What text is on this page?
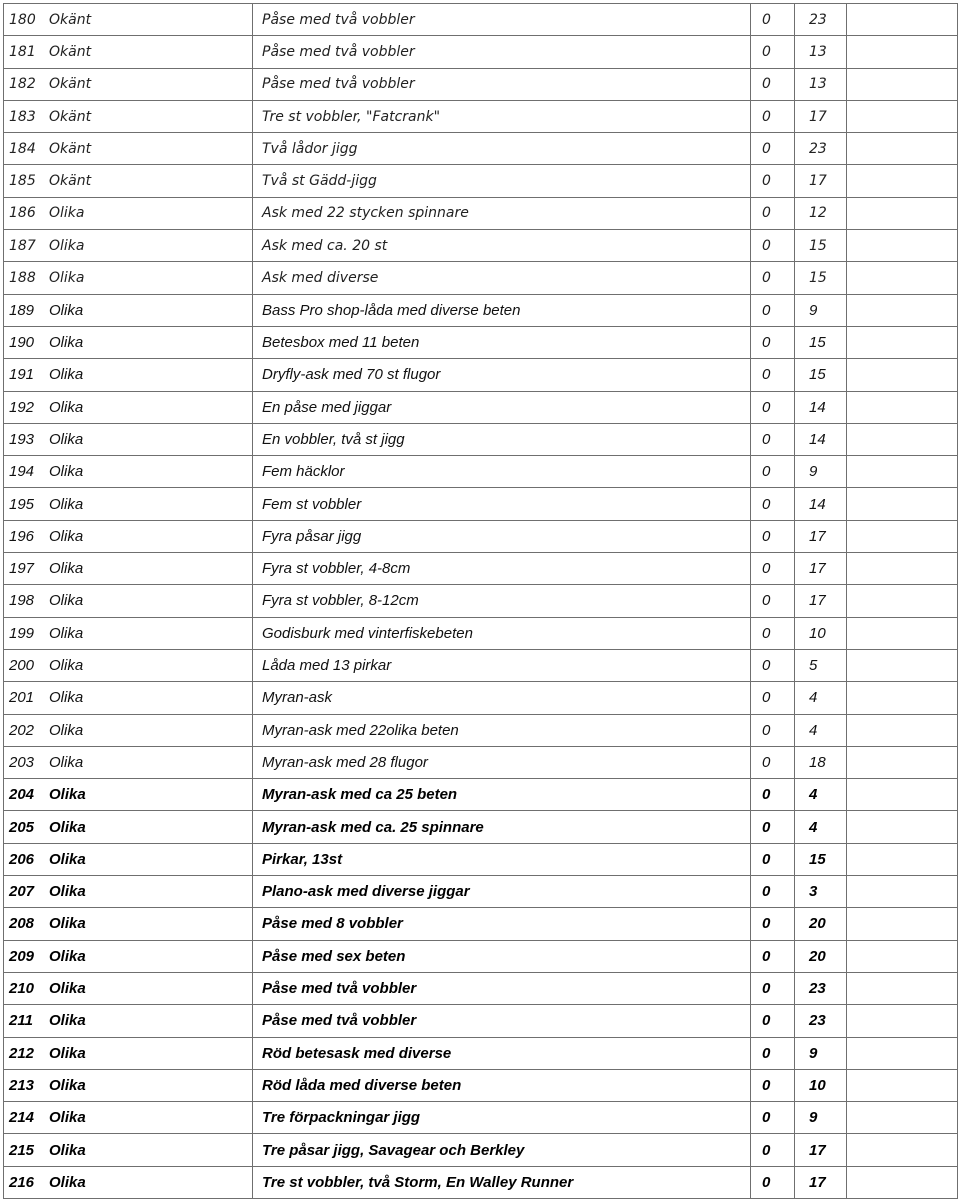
180 Okänt	Påse med två vobbler	0	23
181 Okänt	Påse med två vobbler	0	13
182 Okänt	Påse med två vobbler	0	13
183 Okänt	Tre st vobbler, "Fatcrank"	0	17
184 Okänt	Två lådor jigg	0	23
185 Okänt	Två st Gädd-jigg	0	17
186 Olika	Ask med 22 stycken spinnare	0	12
187 Olika	Ask med ca. 20 st	0	15
188 Olika	Ask med diverse	0	15
189 Olika	Bass Pro shop-låda med diverse beten	0	9
190 Olika	Betesbox med 11 beten	0	15
191 Olika	Dryfly-ask med 70 st flugor	0	15
192 Olika	En påse med jiggar	0	14
193 Olika	En vobbler, två st jigg	0	14
194 Olika	Fem häcklor	0	9
195 Olika	Fem st vobbler	0	14
196 Olika	Fyra påsar jigg	0	17
197 Olika	Fyra st vobbler, 4-8cm	0	17
198 Olika	Fyra st vobbler, 8-12cm	0	17
199 Olika	Godisburk med vinterfiskebeten	0	10
200 Olika	Låda med 13 pirkar	0	5
201 Olika	Myran-ask	0	4
202 Olika	Myran-ask med 22olika beten	0	4
203 Olika	Myran-ask med 28 flugor	0	18
204 Olika	Myran-ask med ca 25 beten	0	4
205 Olika	Myran-ask med ca. 25 spinnare	0	4
206 Olika	Pirkar, 13st	0	15
207 Olika	Plano-ask med diverse jiggar	0	3
208 Olika	Påse med 8 vobbler	0	20
209 Olika	Påse med sex beten	0	20
210 Olika	Påse med två vobbler	0	23
211	Olika	Påse med två vobbler	0	23
212 Olika	Röd betesask med diverse	0	9
213 Olika	Röd låda med diverse beten	0	10
214 Olika	Tre förpackningar jigg	0	9
215 Olika	Tre påsar jigg, Savagear och Berkley	0	17
216 Olika	Tre st vobbler, två Storm, En Walley Runner	0	17
